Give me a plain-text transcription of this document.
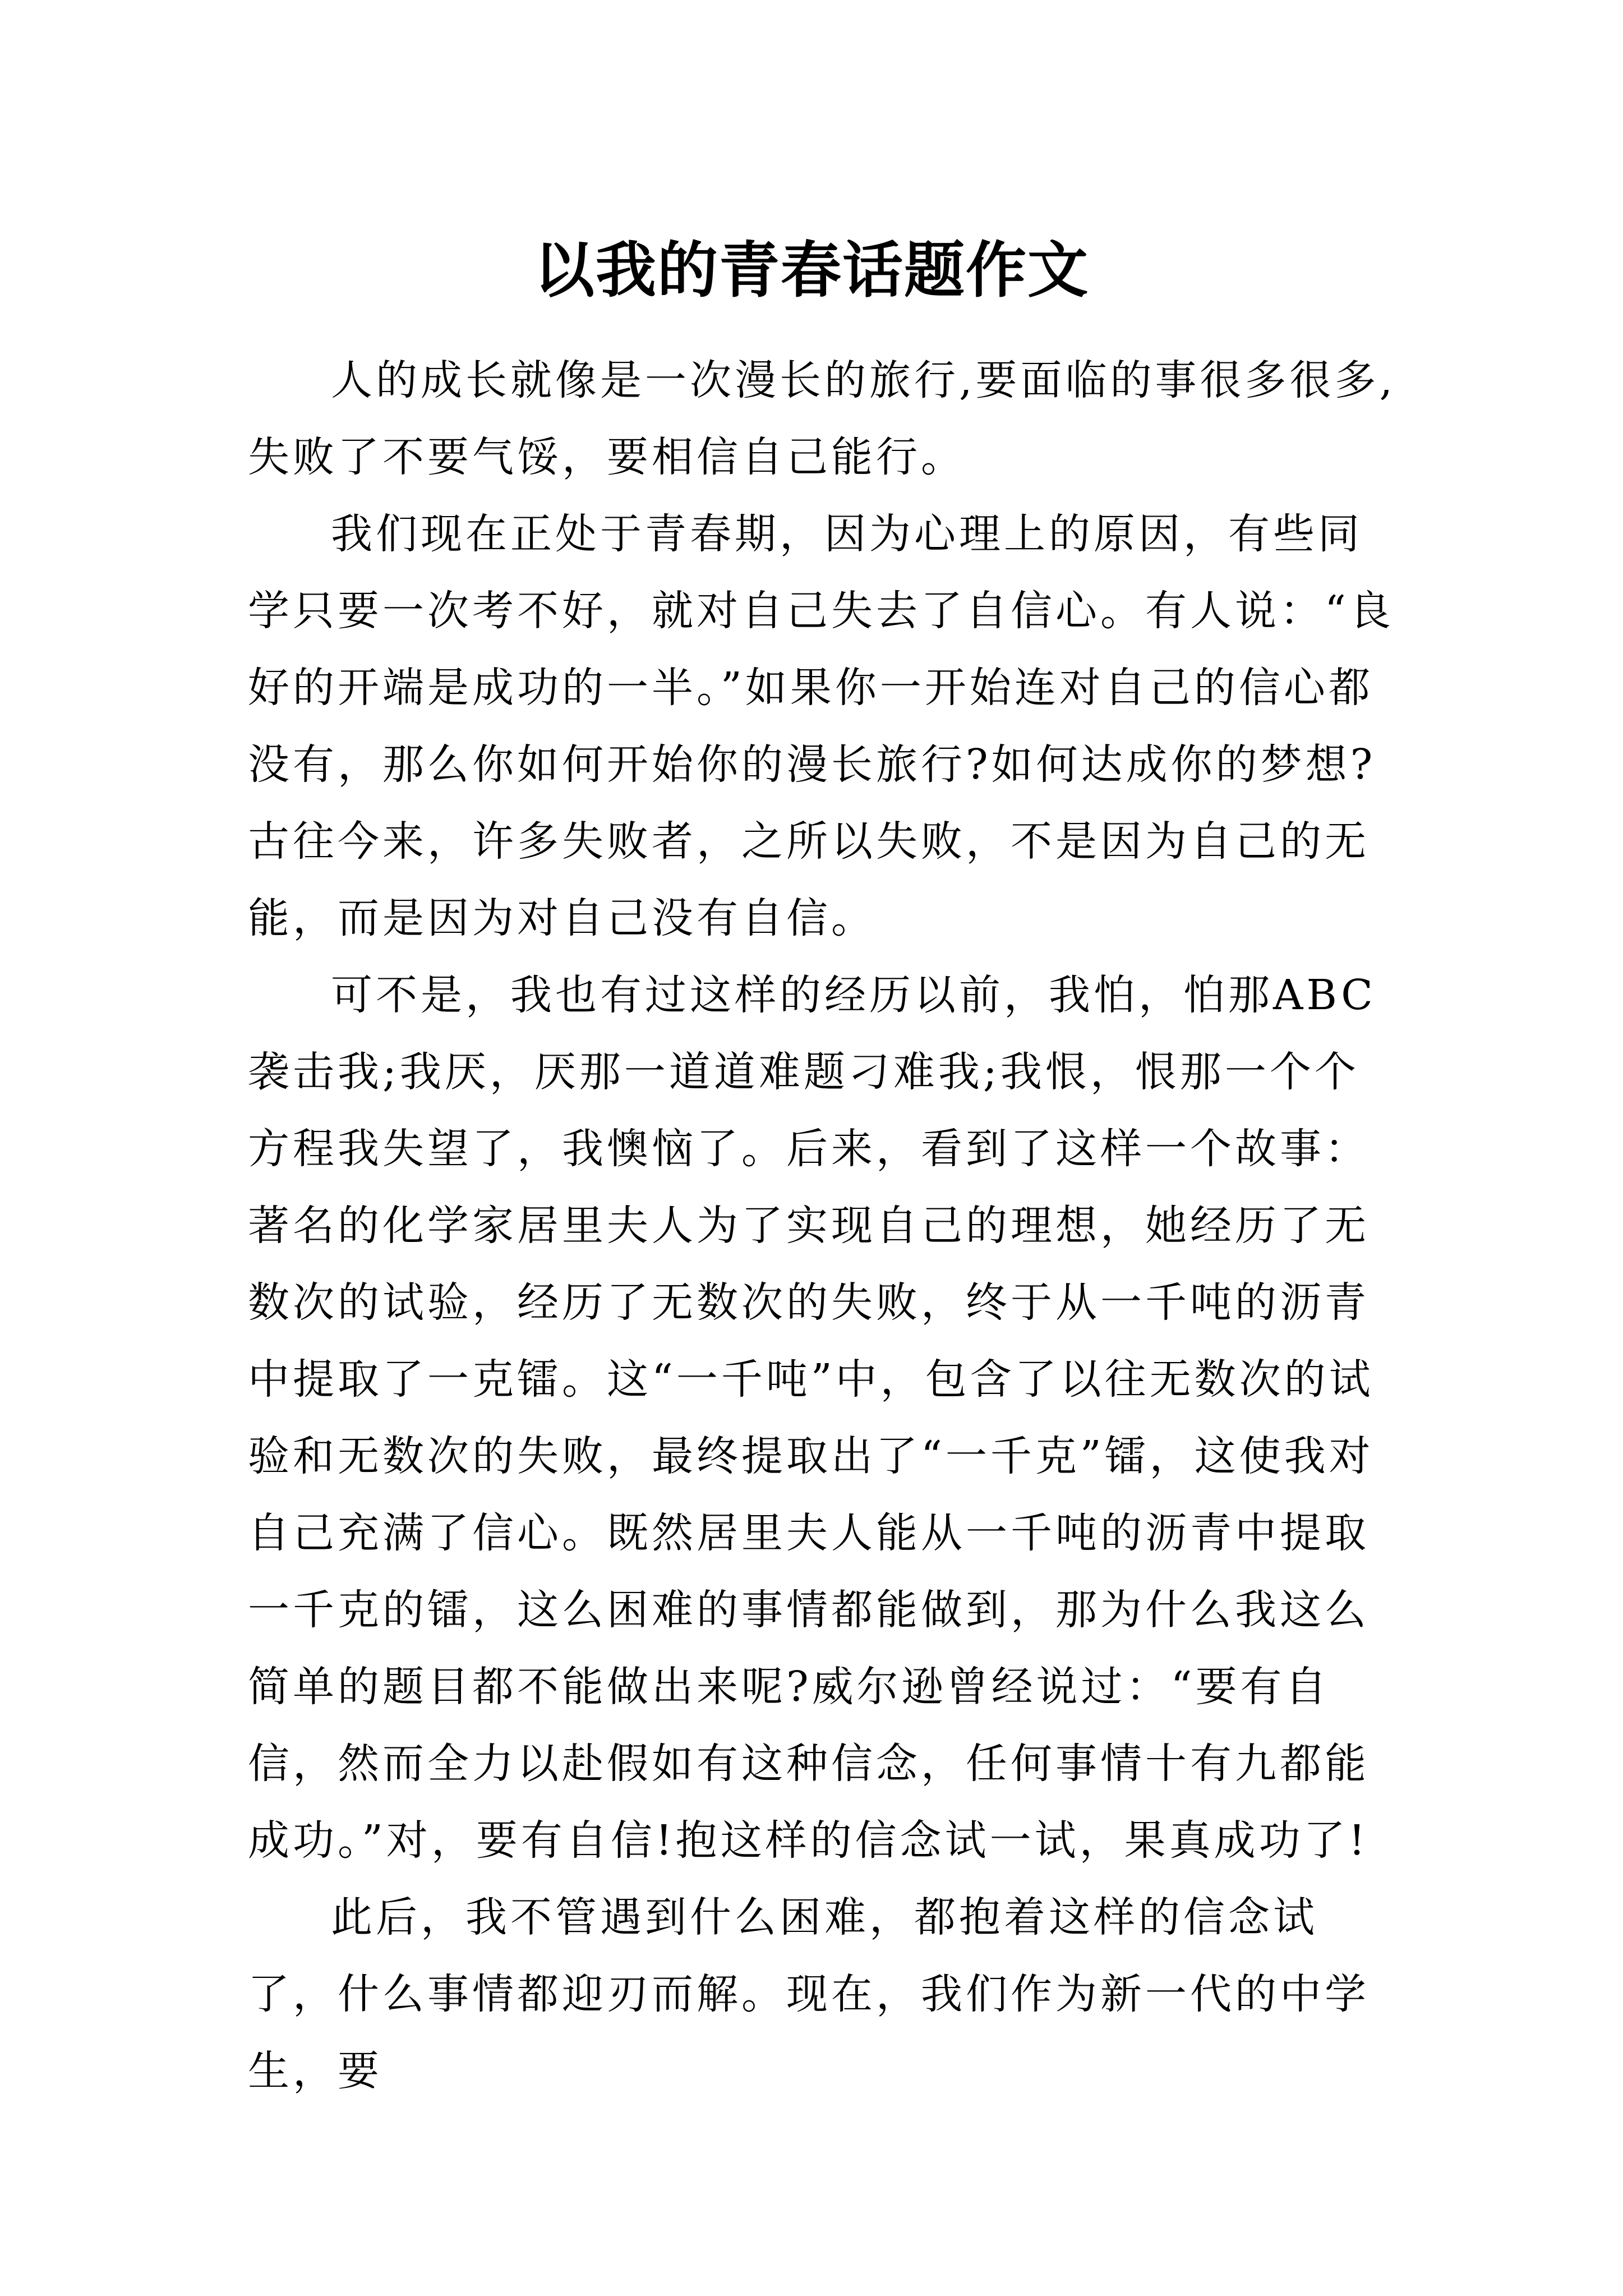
以我的青春话题作文

人的成长就像是一次漫长的旅行,要面临的事很多很多,失败了不要气馁，要相信自己能行。

我们现在正处于青春期，因为心理上的原因，有些同学只要一次考不好，就对自己失去了自信心。有人说：“良好的开端是成功的一半。”如果你一开始连对自己的信心都没有，那么你如何开始你的漫长旅行?如何达成你的梦想?古往今来，许多失败者，之所以失败，不是因为自己的无能，而是因为对自己没有自信。

可不是，我也有过这样的经历以前，我怕，怕那ABC袭击我;我厌，厌那一道道难题刁难我;我恨，恨那一个个方程我失望了，我懊恼了。后来，看到了这样一个故事：著名的化学家居里夫人为了实现自己的理想，她经历了无数次的试验，经历了无数次的失败，终于从一千吨的沥青中提取了一克镭。这“一千吨”中，包含了以往无数次的试验和无数次的失败，最终提取出了“一千克”镭，这使我对自己充满了信心。既然居里夫人能从一千吨的沥青中提取一千克的镭，这么困难的事情都能做到，那为什么我这么简单的题目都不能做出来呢?威尔逊曾经说过：“要有自信，然而全力以赴假如有这种信念，任何事情十有九都能成功。”对，要有自信!抱这样的信念试一试，果真成功了!

此后，我不管遇到什么困难，都抱着这样的信念试了，什么事情都迎刃而解。现在，我们作为新一代的中学生，要
